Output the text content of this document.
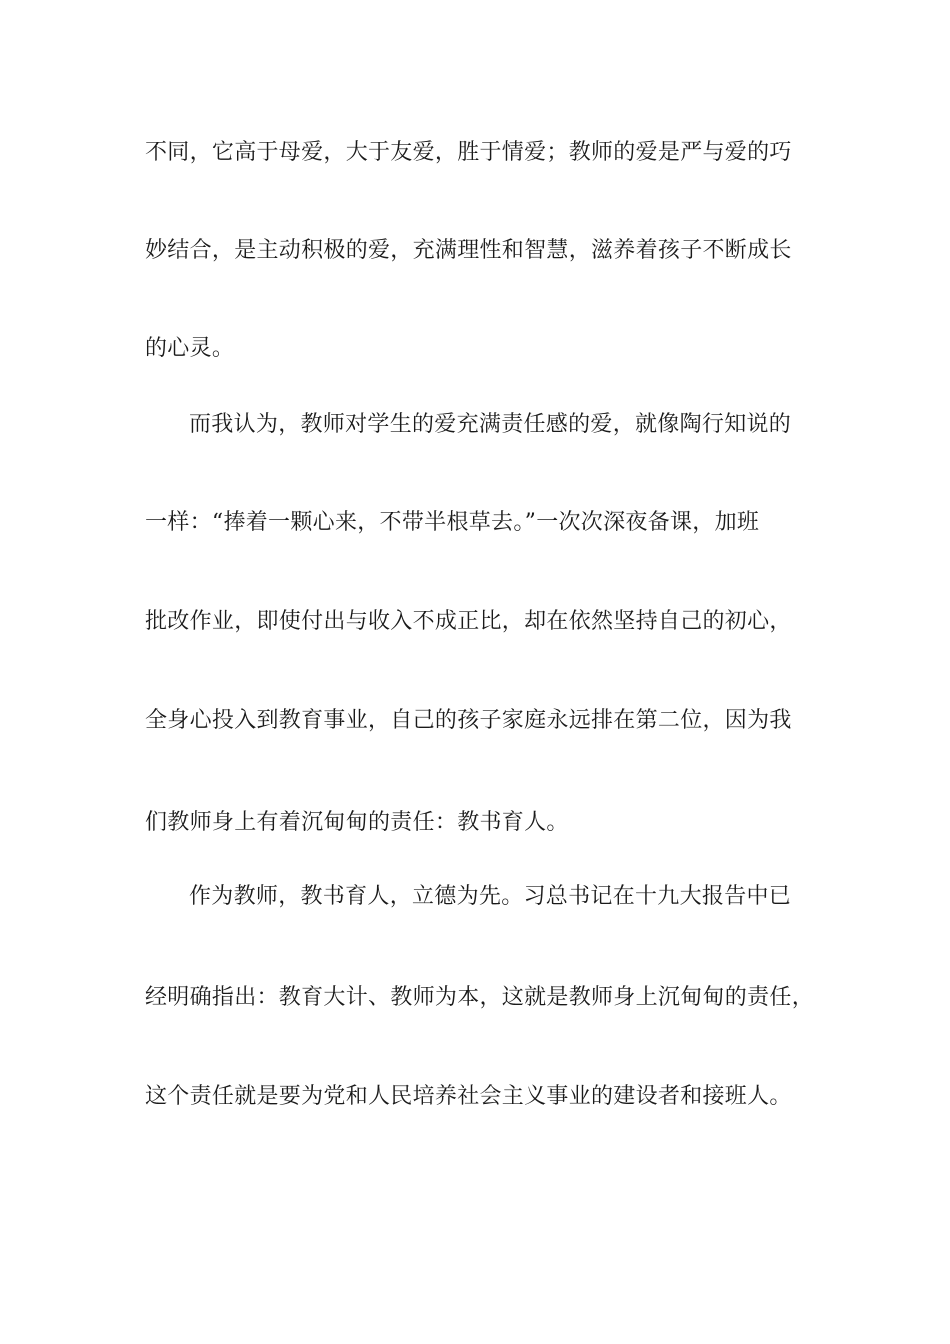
不同，它高于母爱，大于友爱，胜于情爱；教师的爱是严与爱的巧
妙结合，是主动积极的爱，充满理性和智慧，滋养着孩子不断成长
的心灵。
而我认为，教师对学生的爱充满责任感的爱，就像陶行知说的
一样：“捧着一颗心来，不带半根草去。”一次次深夜备课，加班
批改作业，即使付出与收入不成正比，却在依然坚持自己的初心，
全身心投入到教育事业，自己的孩子家庭永远排在第二位，因为我
们教师身上有着沉甸甸的责任：教书育人。
作为教师，教书育人，立德为先。习总书记在十九大报告中已
经明确指出：教育大计、教师为本，这就是教师身上沉甸甸的责任，
这个责任就是要为党和人民培养社会主义事业的建设者和接班人。
